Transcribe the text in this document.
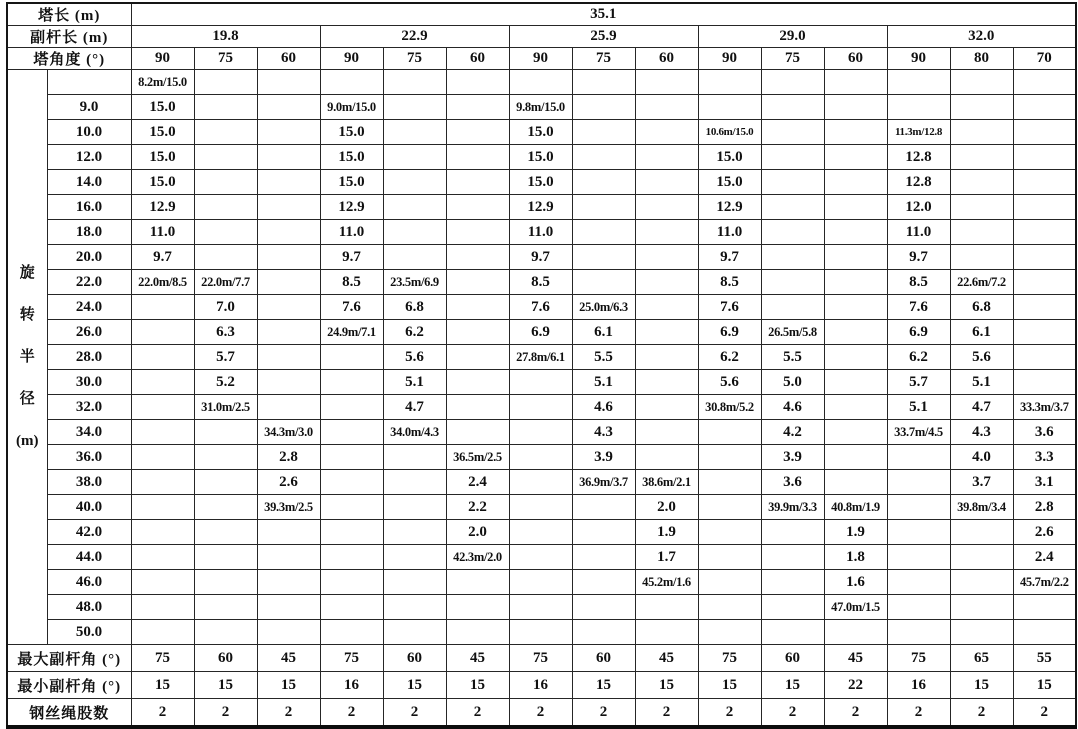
塔长 (m)		35.1														
副杆长 (m)		19.8			22.9			25.9			29.0			32.0		
塔角度 (°)		90	75	60	90	75	60	90	75	60	90	75	60	90	80	70

旋
转
半
径
(m)		8.2m/15.0														
	9.0	15.0			9.0m/15.0			9.8m/15.0								
	10.0	15.0			15.0			15.0			10.6m/15.0			11.3m/12.8		
	12.0	15.0			15.0			15.0			15.0			12.8		
	14.0	15.0			15.0			15.0			15.0			12.8		
	16.0	12.9			12.9			12.9			12.9			12.0		
	18.0	11.0			11.0			11.0			11.0			11.0		
	20.0	9.7			9.7			9.7			9.7			9.7		
	22.0	22.0m/8.5	22.0m/7.7		8.5	23.5m/6.9		8.5			8.5			8.5	22.6m/7.2	
	24.0		7.0		7.6	6.8		7.6	25.0m/6.3		7.6			7.6	6.8	
	26.0		6.3		24.9m/7.1	6.2		6.9	6.1		6.9	26.5m/5.8		6.9	6.1	
	28.0		5.7			5.6		27.8m/6.1	5.5		6.2	5.5		6.2	5.6	
	30.0		5.2			5.1			5.1		5.6	5.0		5.7	5.1	
	32.0		31.0m/2.5			4.7			4.6		30.8m/5.2	4.6		5.1	4.7	33.3m/3.7
	34.0			34.3m/3.0		34.0m/4.3			4.3			4.2		33.7m/4.5	4.3	3.6
	36.0			2.8			36.5m/2.5		3.9			3.9			4.0	3.3
	38.0			2.6			2.4		36.9m/3.7	38.6m/2.1		3.6			3.7	3.1
	40.0			39.3m/2.5			2.2			2.0		39.9m/3.3	40.8m/1.9		39.8m/3.4	2.8
	42.0						2.0			1.9			1.9			2.6
	44.0						42.3m/2.0			1.7			1.8			2.4
	46.0									45.2m/1.6			1.6			45.7m/2.2
	48.0												47.0m/1.5			
	50.0															
最大副杆角 (°)		75	60	45	75	60	45	75	60	45	75	60	45	75	65	55
最小副杆角 (°)		15	15	15	16	15	15	16	15	15	15	15	22	16	15	15
钢丝绳股数		2	2	2	2	2	2	2	2	2	2	2	2	2	2	2
